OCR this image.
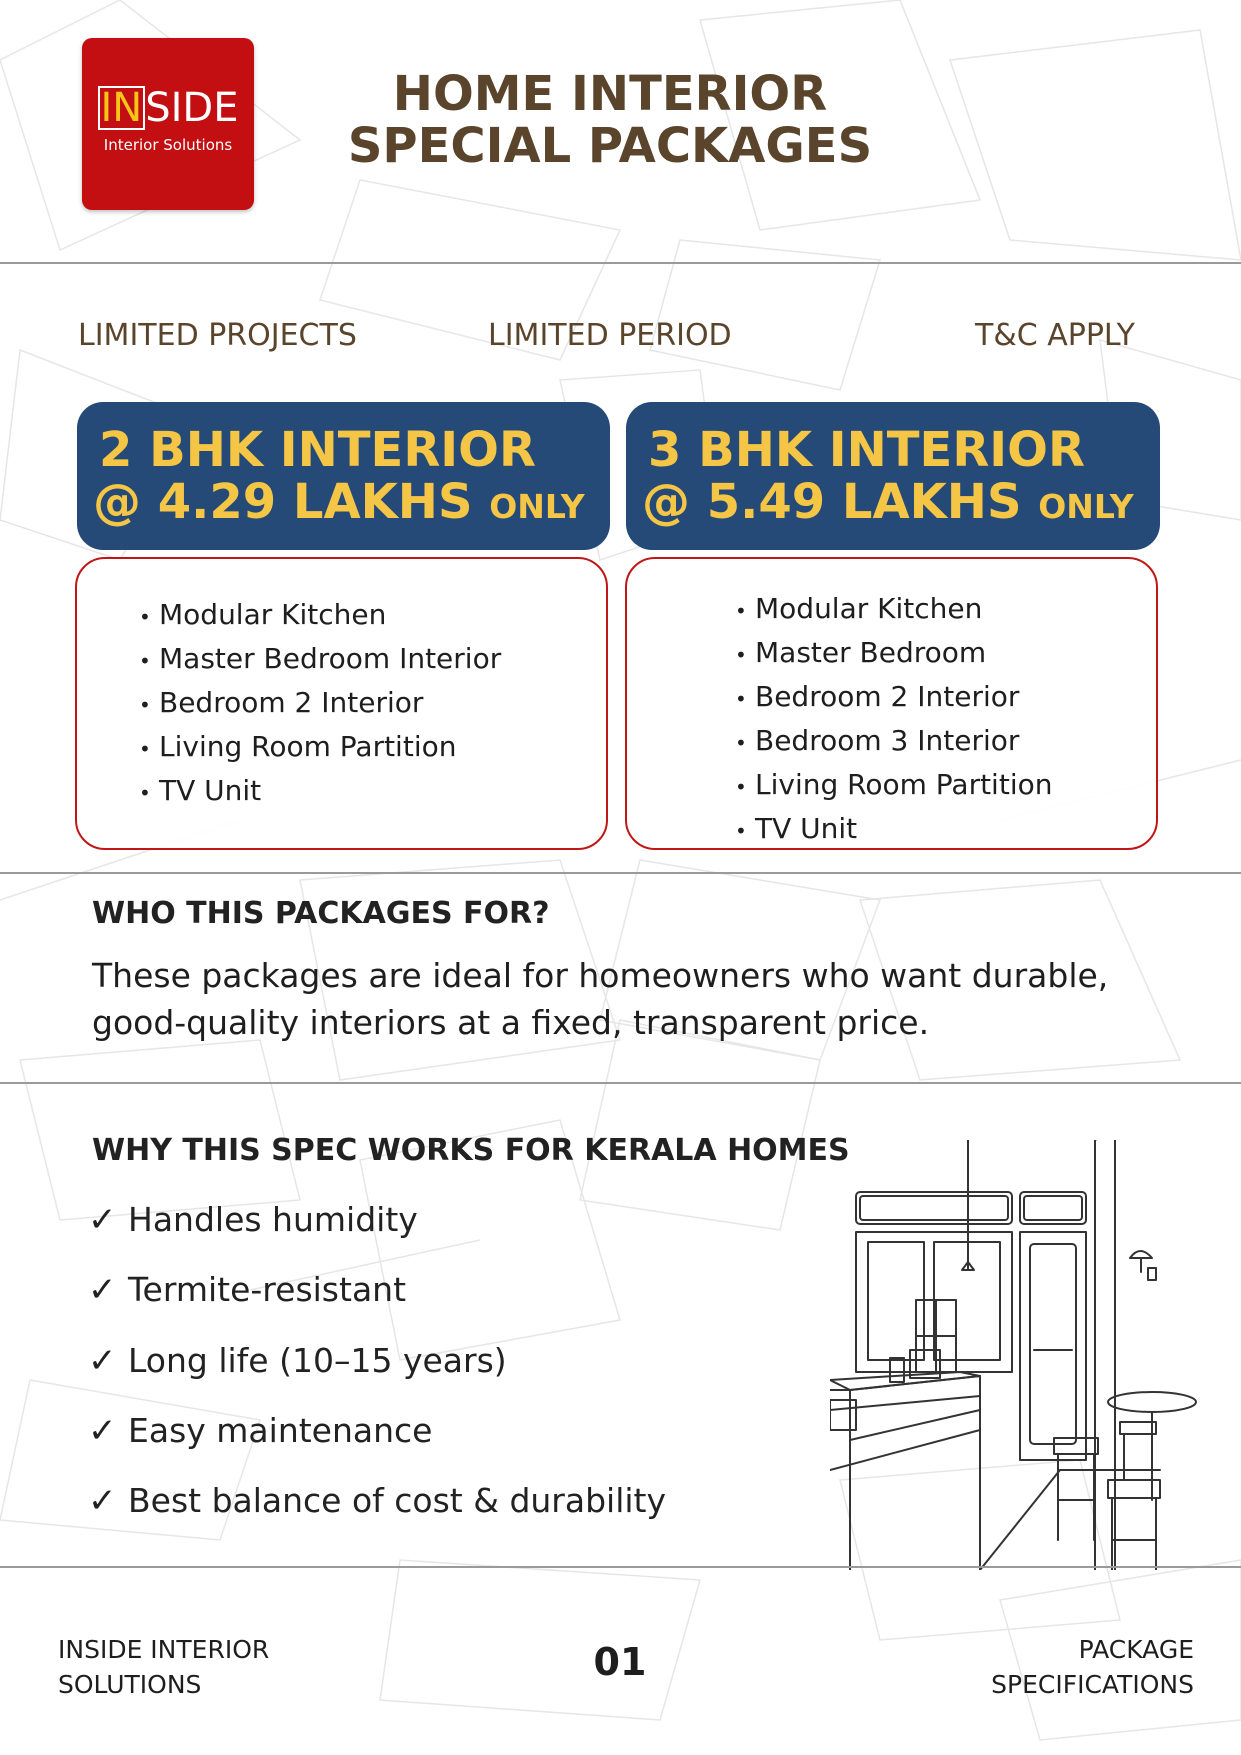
INSIDE
Interior Solutions
HOME INTERIOR
SPECIAL PACKAGES
LIMITED PROJECTS	LIMITED PERIOD	T&C APPLY
2 BHK INTERIOR
@ 4.29 LAKHS ONLY
• Modular Kitchen
• Master Bedroom Interior
• Bedroom 2 Interior
• Living Room Partition
• TV Unit
3 BHK INTERIOR
@ 5.49 LAKHS ONLY
• Modular Kitchen
• Master Bedroom
• Bedroom 2 Interior
• Bedroom 3 Interior
• Living Room Partition
• TV Unit
WHO THIS PACKAGES FOR?
These packages are ideal for homeowners who want durable, good-quality interiors at a fixed, transparent price.
WHY THIS SPEC WORKS FOR KERALA HOMES
✓ Handles humidity
✓ Termite-resistant
✓ Long life (10–15 years)
✓ Easy maintenance
✓ Best balance of cost & durability
INSIDE INTERIOR
SOLUTIONS
01	PACKAGE
SPECIFICATIONS
